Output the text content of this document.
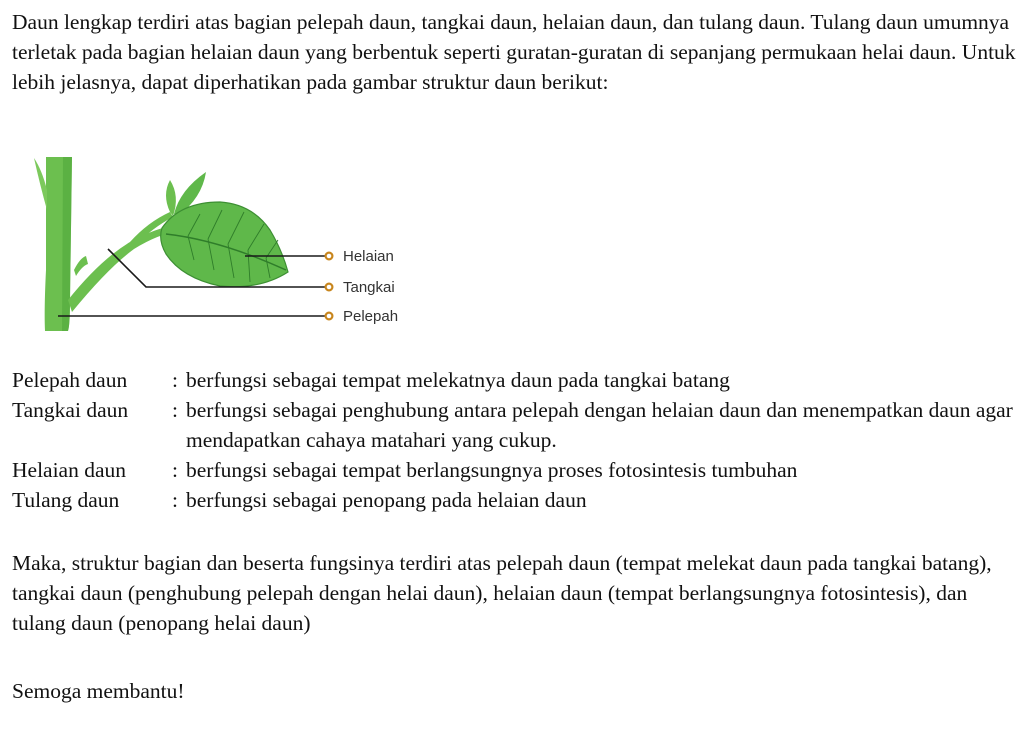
Daun lengkap terdiri atas bagian pelepah daun, tangkai daun, helaian daun, dan tulang daun. Tulang daun umumnya terletak pada bagian helaian daun yang berbentuk seperti guratan-guratan di sepanjang permukaan helai daun. Untuk lebih jelasnya, dapat diperhatikan pada gambar struktur daun berikut:

Helaian
Tangkai
Pelepah
Pelepah daun	: berfungsi sebagai tempat melekatnya daun pada tangkai batang
Tangkai daun	: berfungsi sebagai penghubung antara pelepah dengan helaian daun dan menempatkan daun agar mendapatkan cahaya matahari yang cukup.
Helaian daun	: berfungsi sebagai tempat berlangsungnya proses fotosintesis tumbuhan
Tulang daun	: berfungsi sebagai penopang pada helaian daun

Maka, struktur bagian dan beserta fungsinya terdiri atas pelepah daun (tempat melekat daun pada tangkai batang), tangkai daun (penghubung pelepah dengan helai daun), helaian daun (tempat berlangsungnya fotosintesis), dan tulang daun (penopang helai daun)

Semoga membantu!
